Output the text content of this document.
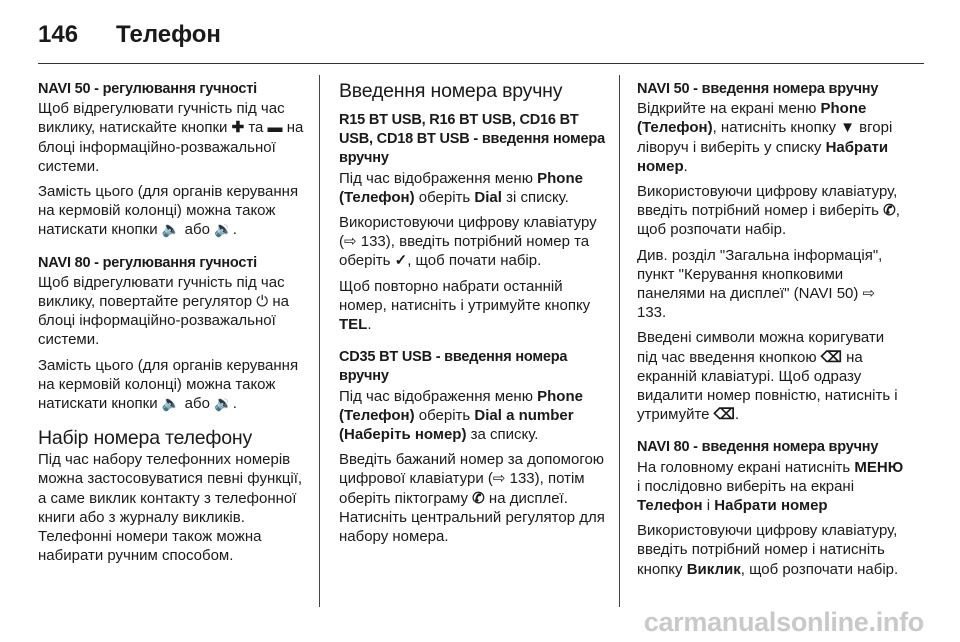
146	Телефон
NAVI 50 - регулювання гучності

Щоб відрегулювати гучність під час виклику, натискайте кнопки ✚ та ▬ на блоці інформаційно-розважальної системи.

Замість цього (для органів керування на кермовій колонці) можна також натискати кнопки 🔈 або 🔉.

NAVI 80 - регулювання гучності

Щоб відрегулювати гучність під час виклику, повертайте регулятор ⏻ на блоці інформаційно-розважальної системи.

Замість цього (для органів керування на кермовій колонці) можна також натискати кнопки 🔈 або 🔉.

Набір номера телефону

Під час набору телефонних номерів можна застосовуватися певні функції, а саме виклик контакту з телефонної книги або з журналу викликів. Телефонні номери також можна набирати ручним способом.

Введення номера вручну
R15 BT USB, R16 BT USB, CD16 BT USB, CD18 BT USB - введення номера вручну

Під час відображення меню Phone (Телефон) оберіть Dial зі списку.

Використовуючи цифрову клавіатуру (⇨ 133), введіть потрібний номер та оберіть ✓, щоб почати набір.

Щоб повторно набрати останній номер, натисніть і утримуйте кнопку TEL.

CD35 BT USB - введення номера вручну

Під час відображення меню Phone (Телефон) оберіть Dial a number (Наберіть номер) за списку.

Введіть бажаний номер за допомогою цифрової клавіатури (⇨ 133), потім оберіть піктограму ✆ на дисплеї. Натисніть центральний регулятор для набору номера.

NAVI 50 - введення номера вручну

Відкрийте на екрані меню Phone (Телефон), натисніть кнопку ▼ вгорі ліворуч і виберіть у списку Набрати номер.

Використовуючи цифрову клавіатуру, введіть потрібний номер і виберіть ✆, щоб розпочати набір.

Див. розділ "Загальна інформація", пункт "Керування кнопковими панелями на дисплеї" (NAVI 50) ⇨ 133.

Введені символи можна коригувати під час введення кнопкою ⌫ на екранній клавіатурі. Щоб одразу видалити номер повністю, натисніть і утримуйте ⌫.

NAVI 80 - введення номера вручну

На головному екрані натисніть МЕНЮ і послідовно виберіть на екрані Телефон і Набрати номер

Використовуючи цифрову клавіатуру, введіть потрібний номер і натисніть кнопку Виклик, щоб розпочати набір.

carmanualsonline.info
